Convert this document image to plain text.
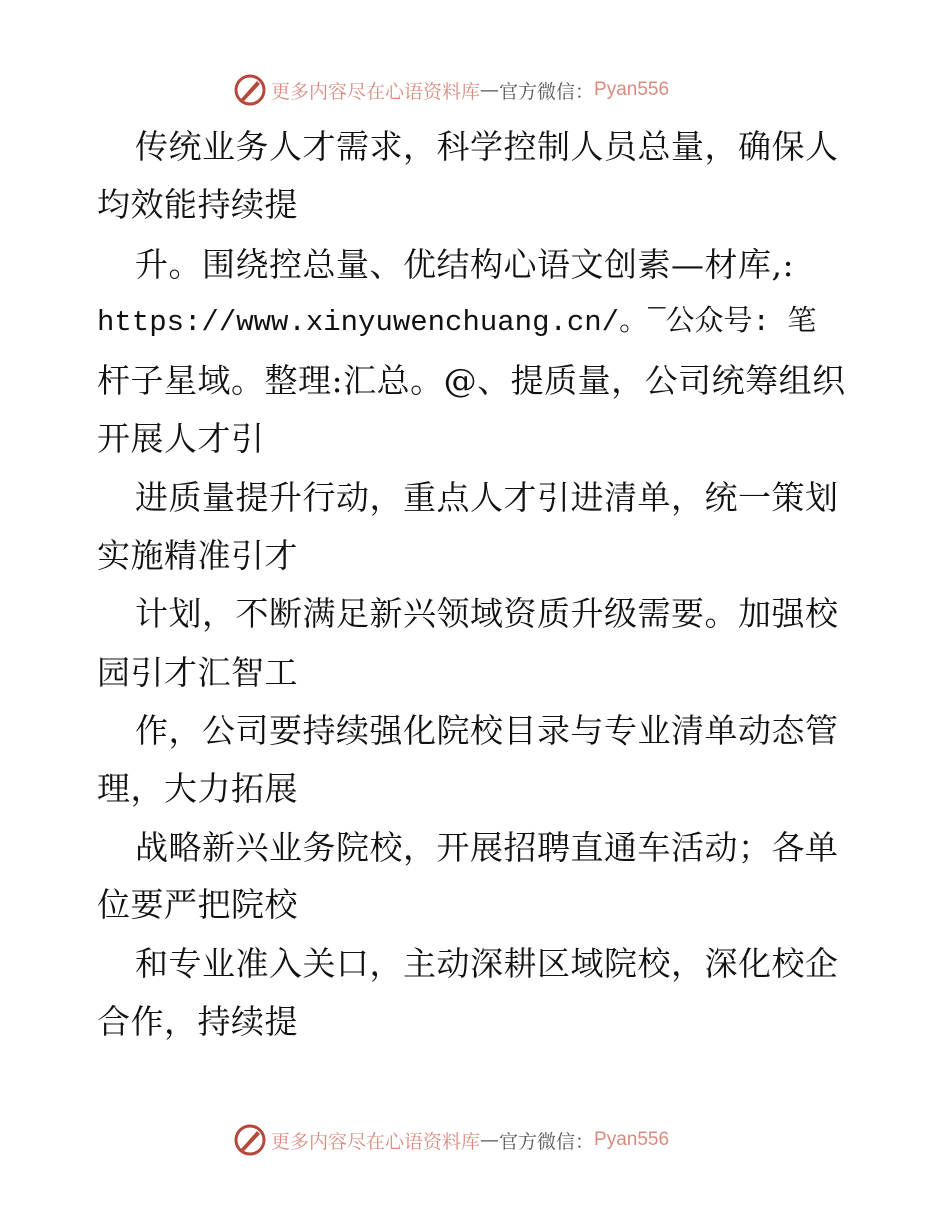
更多内容尽在心语资料库 — 官方微信： Pyan556
传统业务人才需求，科学控制人员总量，确保人
均效能持续提
升。围绕控总量、优结构心语文创素—材库,:
https://www.xinyuwenchuang.cn/。¯公众号: 笔
杆子星域。整理:汇总。@、提质量，公司统筹组织
开展人才引
进质量提升行动，重点人才引进清单，统一策划
实施精准引才
计划，不断满足新兴领域资质升级需要。加强校
园引才汇智工
作，公司要持续强化院校目录与专业清单动态管
理，大力拓展
战略新兴业务院校，开展招聘直通车活动；各单
位要严把院校
和专业准入关口，主动深耕区域院校，深化校企
合作，持续提
更多内容尽在心语资料库 — 官方微信： Pyan556
